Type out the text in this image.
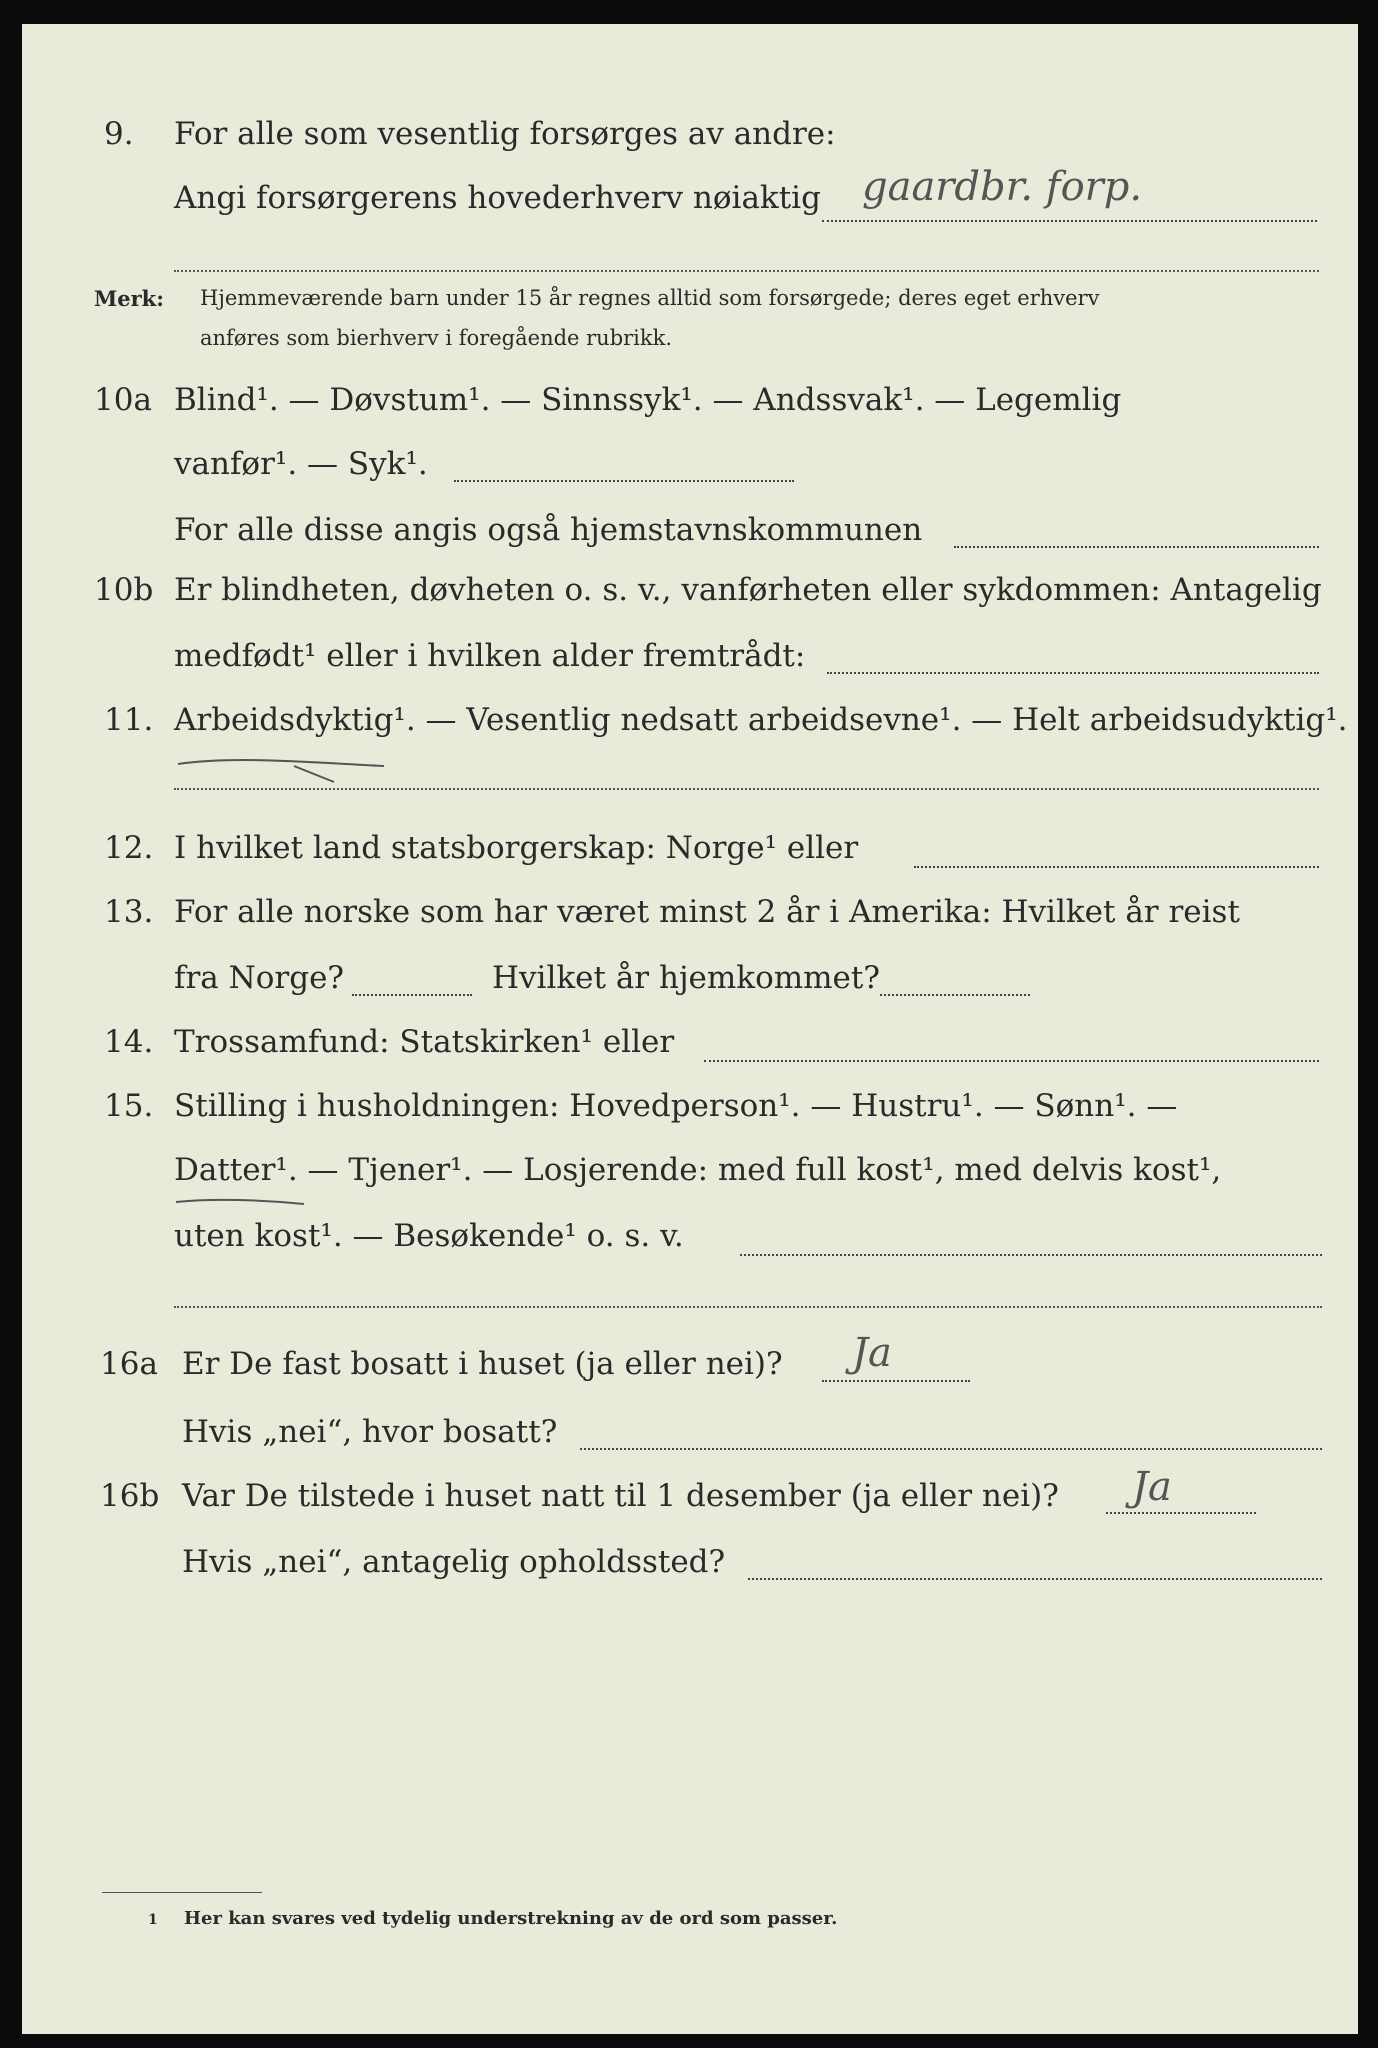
9. For alle som vesentlig forsørges av andre:
Angi forsørgerens hovederhverv nøiaktig gaardbr. forp.
Merk: Hjemmeværende barn under 15 år regnes alltid som forsørgede; deres eget erhverv
anføres som bierhverv i foregående rubrikk.
10a Blind¹. — Døvstum¹. — Sinnssyk¹. — Andssvak¹. — Legemlig
vanfør¹. — Syk¹.
For alle disse angis også hjemstavnskommunen
10b Er blindheten, døvheten o. s. v., vanførheten eller sykdommen: Antagelig
medfødt¹ eller i hvilken alder fremtrådt:
11. Arbeidsdyktig¹. — Vesentlig nedsatt arbeidsevne¹. — Helt arbeidsudyktig¹.
12. I hvilket land statsborgerskap: Norge¹ eller
13. For alle norske som har været minst 2 år i Amerika: Hvilket år reist
fra Norge?	Hvilket år hjemkommet?
14. Trossamfund: Statskirken¹ eller
15. Stilling i husholdningen: Hovedperson¹. — Hustru¹. — Sønn¹. —
Datter¹. — Tjener¹. — Losjerende: med full kost¹, med delvis kost¹,
uten kost¹. — Besøkende¹ o. s. v.
16a Er De fast bosatt i huset (ja eller nei)? Ja
Hvis „nei“, hvor bosatt?
16b Var De tilstede i huset natt til 1 desember (ja eller nei)? Ja
Hvis „nei“, antagelig opholdssted?
1 Her kan svares ved tydelig understrekning av de ord som passer.
